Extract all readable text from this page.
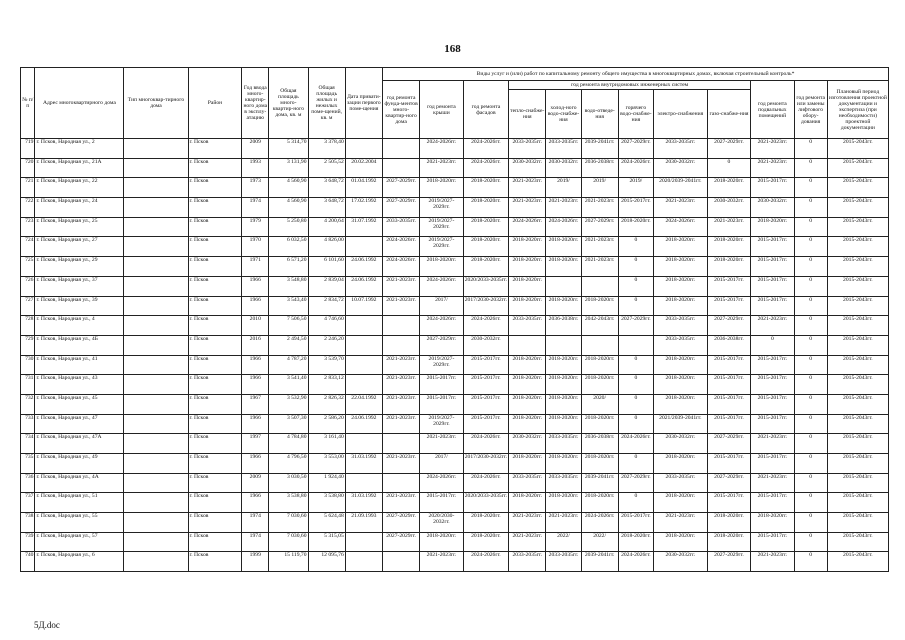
168
№ п/п	Адрес многоквартирного дома	Тип многоквар-тирного дома	Район	Год ввода много-квартир-ного дома в эксплу-атацию	Общая площадь много-квартир-ного дома, кв. м	Общая площадь жилых и нежилых поме-щений, кв. м	Дата привати-зации первого поме-щения	Виды услуг и (или) работ по капитальному ремонту общего имущества в многоквартирных домах, включая строительный контроль*											
								год ремонта фунда-ментов много-квартир-ного дома	год ремонта крыши	год ремонта фасадов	год ремонта внутридомовых инженерных систем						год ремонта подвальных помещений	год ремонта или замены лифтового обору-дования	Плановый период изготовления проектной документации и экспертиза (при необходимости) проектной документации
											тепло-снабже-ния	холод-ного водо-снабже-ния	водо-отведе-ния	горячего водо-снабже-ния	электро-снабжения	газо-снабже-ния			
719	г. Псков, Народная ул., 2		г. Псков	2009	5 314,70	3 378,40			2024-2026гг.	2024-2026гг.	2033-2035гг.	2033-2035гг.	2039-2041гг.	2027-2029гг.	2033-2035гг.	2027-2029гг.	2021-2023гг.	0	2015-2043гг.
720	г. Псков, Народная ул., 21А		г. Псков	1993	3 131,90	2 505,52	20.02.2004		2021-2023гг.	2024-2026гг.	2030-2032гг.	2030-2032гг.	2036-2038гг.	2024-2026гг.	2030-2032гг.	0	2021-2023гг.	0	2015-2043гг.
721	г. Псков, Народная ул., 22		г. Псков	1973	4 560,90	3 648,72	01.04.1992	2027-2029гг.	2018-2020гг.	2018-2020гг.	2021-2023гг.	2019/	2019/	2019/	2020/2039-2041гг.	2018-2020гг.	2015-2017гг.	0	2015-2043гг.
722	г. Псков, Народная ул., 24		г. Псков	1974	4 560,90	3 648,72	17.02.1992	2027-2029гг.	2019/2027-2029гг.	2018-2020гг.	2021-2023гг.	2021-2023гг.	2021-2023гг.	2015-2017гг.	2021-2023гг.	2030-2032гг.	2030-2032гг.	0	2015-2043гг.
723	г. Псков, Народная ул., 25		г. Псков	1979	5 250,80	4 200,64	31.07.1992	2033-2035гг.	2019/2027-2029гг.	2018-2020гг.	2024-2026гг.	2024-2026гг.	2027-2029гг.	2018-2020гг.	2024-2026гг.	2021-2023гг.	2018-2020гг.	0	2015-2043гг.
724	г. Псков, Народная ул., 27		г. Псков	1970	6 032,50	4 826,00		2024-2026гг.	2019/2027-2029гг.	2018-2020гг.	2018-2020гг.	2018-2020гг.	2021-2023гг.	0	2018-2020гг.	2018-2020гг.	2015-2017гг.	0	2015-2043гг.
725	г. Псков, Народная ул., 29		г. Псков	1971	6 571,20	6 101,60	24.06.1992	2024-2026гг.	2018-2020гг.	2018-2020гг.	2018-2020гг.	2018-2020гг.	2021-2023гг.	0	2018-2020гг.	2018-2020гг.	2015-2017гг.	0	2015-2043гг.
726	г. Псков, Народная ул., 37		г. Псков	1966	3 548,80	2 839,04	24.06.1992	2021-2023гг.	2024-2026гг.	2020/2033-2035гг.	2018-2020гг.			0	2018-2020гг.	2015-2017гг.	2015-2017гг.	0	2015-2043гг.
727	г. Псков, Народная ул., 39		г. Псков	1966	3 543,40	2 834,72	10.07.1992	2021-2023гг.	2017/	2017/2030-2032гг.	2018-2020гг.	2018-2020гг.	2018-2020гг.	0	2018-2020гг.	2015-2017гг.	2015-2017гг.	0	2015-2043гг.
728	г. Псков, Народная ул., 4		г. Псков	2010	7 506,50	4 746,60			2024-2026гг.	2024-2026гг.	2033-2035гг.	2036-2038гг.	2042-2043гг.	2027-2029гг.	2033-2035гг.	2027-2029гг.	2021-2023гг.	0	2015-2043гг.
729	г. Псков, Народная ул., 4Б		г. Псков	2016	2 494,50	2 246,20			2027-2029гг.	2030-2032гг.					2033-2035гг.	2036-2038гг.	0	0	2015-2043гг.
730	г. Псков, Народная ул., 41		г. Псков	1966	4 787,20	3 539,70		2021-2023гг.	2019/2027-2029гг.	2015-2017гг.	2018-2020гг.	2018-2020гг.	2018-2020гг.	0	2018-2020гг.	2015-2017гг.	2015-2017гг.	0	2015-2043гг.
731	г. Псков, Народная ул., 43		г. Псков	1966	3 541,40	2 833,12		2021-2023гг.	2015-2017гг.	2015-2017гг.	2018-2020гг.	2018-2020гг.	2018-2020гг.	0	2018-2020гг.	2015-2017гг.	2015-2017гг.	0	2015-2043гг.
732	г. Псков, Народная ул., 45		г. Псков	1967	3 532,90	2 826,32	22.04.1992	2021-2023гг.	2015-2017гг.	2015-2017гг.	2018-2020гг.	2018-2020гг.	2020/	0	2018-2020гг.	2015-2017гг.	2015-2017гг.	0	2015-2043гг.
733	г. Псков, Народная ул., 47		г. Псков	1966	3 507,30	2 586,20	24.06.1992	2021-2023гг.	2019/2027-2029гг.	2015-2017гг.	2018-2020гг.	2018-2020гг.	2018-2020гг.	0	2021/2039-2041гг.	2015-2017гг.	2015-2017гг.	0	2015-2043гг.
734	г. Псков, Народная ул., 47А		г. Псков	1997	4 784,80	3 161,40			2021-2023гг.	2024-2026гг.	2030-2032гг.	2033-2035гг.	2036-2038гг.	2024-2026гг.	2030-2032гг.	2027-2029гг.	2021-2023гг.	0	2015-2043гг.
735	г. Псков, Народная ул., 49		г. Псков	1966	4 796,50	3 553,00	31.03.1992	2021-2023гг.	2017/	2017/2030-2032гг.	2018-2020гг.	2018-2020гг.	2018-2020гг.	0	2018-2020гг.	2015-2017гг.	2015-2017гг.	0	2015-2043гг.
736	г. Псков, Народная ул., 4А		г. Псков	2009	3 030,50	1 924,40			2024-2026гг.	2024-2026гг.	2033-2035гг.	2033-2035гг.	2039-2041гг.	2027-2029гг.	2033-2035гг.	2027-2029гг.	2021-2023гг.	0	2015-2043гг.
737	г. Псков, Народная ул., 51		г. Псков	1966	3 538,80	3 538,80	31.03.1992	2021-2023гг.	2015-2017гг.	2020/2033-2035гг.	2018-2020гг.	2018-2020гг.	2018-2020гг.	0	2018-2020гг.	2015-2017гг.	2015-2017гг.	0	2015-2043гг.
738	г. Псков, Народная ул., 55		г. Псков	1974	7 030,60	5 624,48	21.09.1993	2027-2029гг.	2020/2030-2032гг.	2018-2020гг.	2021-2023гг.	2021-2023гг.	2024-2026гг.	2015-2017гг.	2021-2023гг.	2018-2020гг.	2018-2020гг.	0	2015-2043гг.
739	г. Псков, Народная ул., 57		г. Псков	1974	7 030,60	5 315,05		2027-2029гг.	2018-2020гг.	2018-2020гг.	2021-2023гг.	2022/	2022/	2018-2020гг.	2018-2020гг.	2018-2020гг.	2015-2017гг.	0	2015-2043гг.
740	г. Псков, Народная ул., 6		г. Псков	1999	15 119,70	12 095,76			2021-2023гг.	2024-2026гг.	2033-2035гг.	2033-2035гг.	2039-2041гг.	2024-2026гг.	2030-2032гг.	2027-2029гг.	2021-2023гг.	0	2015-2043гг.
5Д.doc
